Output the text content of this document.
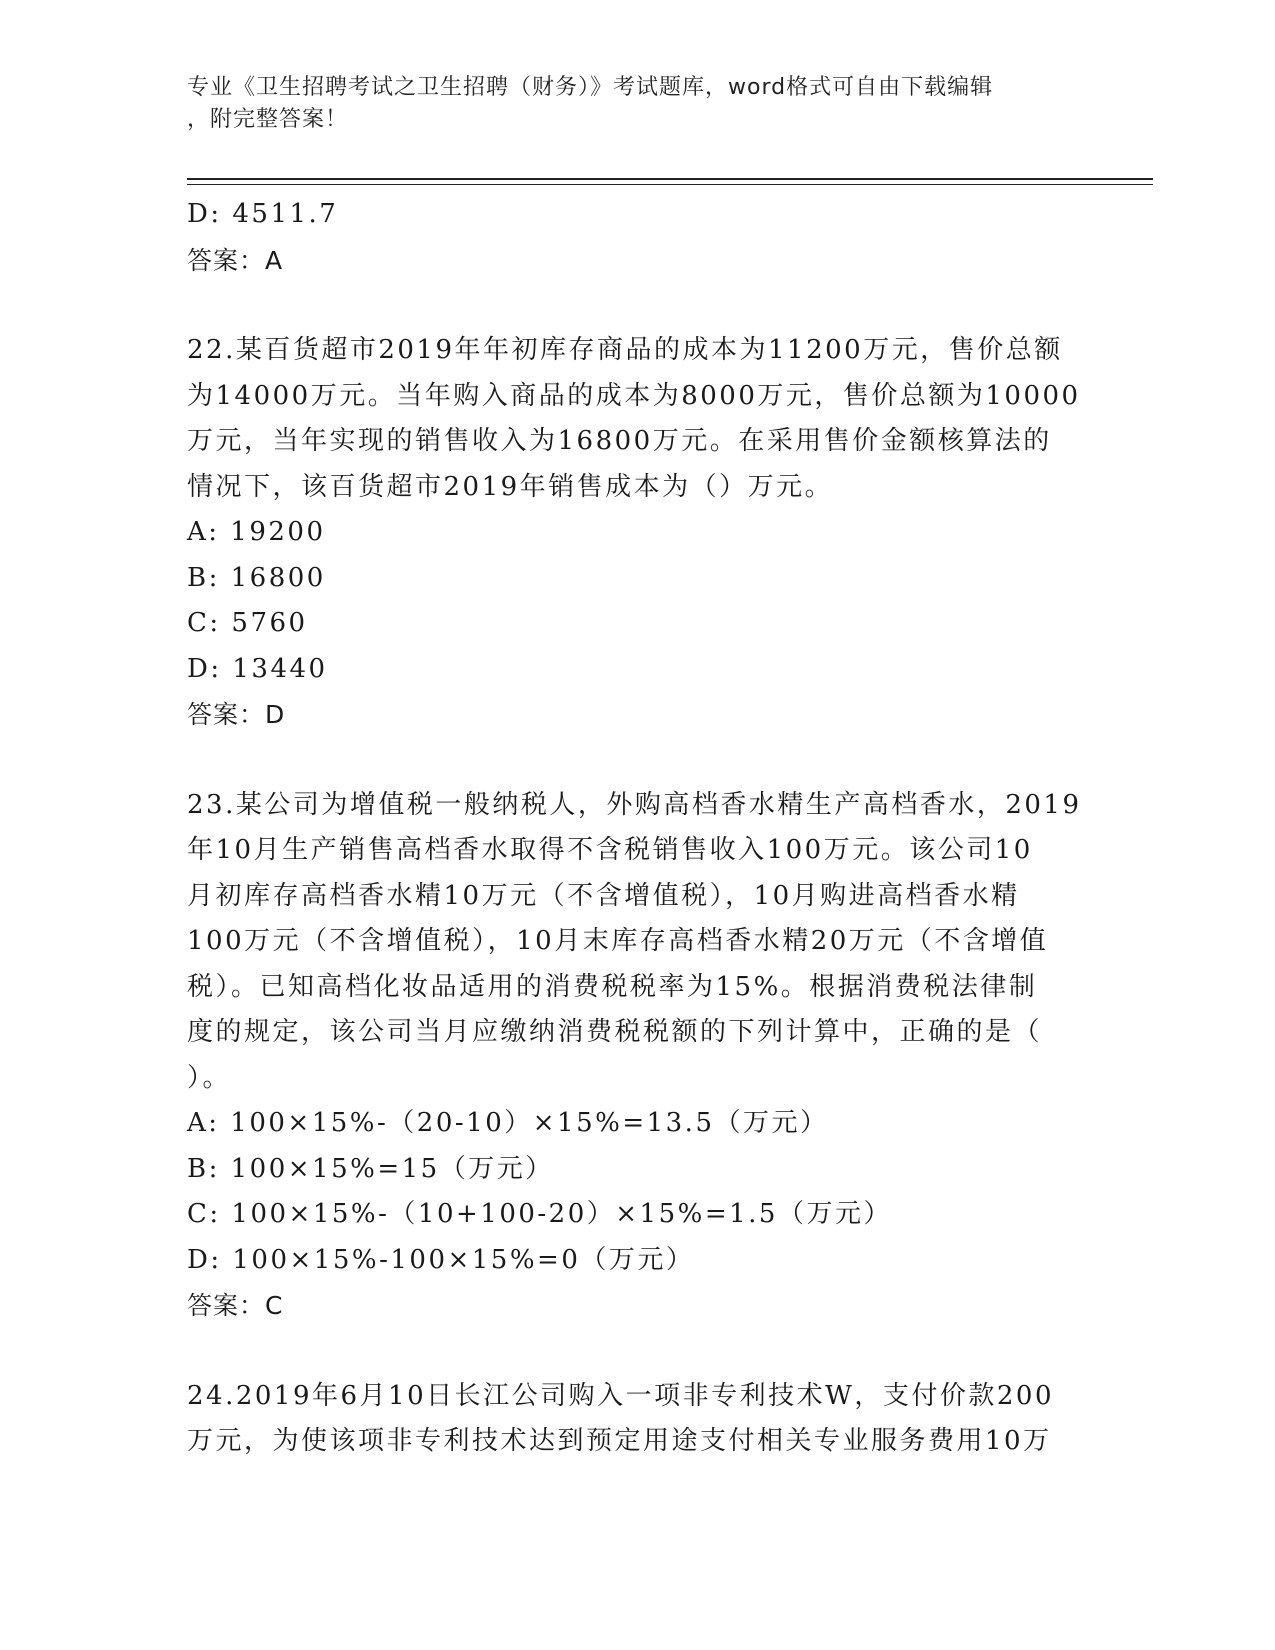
专业《卫生招聘考试之卫生招聘（财务）》考试题库，word格式可自由下载编辑
，附完整答案！
D: 4511.7
答案：A
22.某百货超市2019年年初库存商品的成本为11200万元，售价总额
为14000万元。当年购入商品的成本为8000万元，售价总额为10000
万元，当年实现的销售收入为16800万元。在采用售价金额核算法的
情况下，该百货超市2019年销售成本为（）万元。
A: 19200
B: 16800
C: 5760
D: 13440
答案：D
23.某公司为增值税一般纳税人，外购高档香水精生产高档香水，2019
年10月生产销售高档香水取得不含税销售收入100万元。该公司10
月初库存高档香水精10万元（不含增值税），10月购进高档香水精
100万元（不含增值税），10月末库存高档香水精20万元（不含增值
税）。已知高档化妆品适用的消费税税率为15%。根据消费税法律制
度的规定，该公司当月应缴纳消费税税额的下列计算中，正确的是（
）。
A: 100×15%-（20-10）×15%=13.5（万元）
B: 100×15%=15（万元）
C: 100×15%-（10+100-20）×15%=1.5（万元）
D: 100×15%-100×15%=0（万元）
答案：C
24.2019年6月10日长江公司购入一项非专利技术W，支付价款200
万元，为使该项非专利技术达到预定用途支付相关专业服务费用10万
